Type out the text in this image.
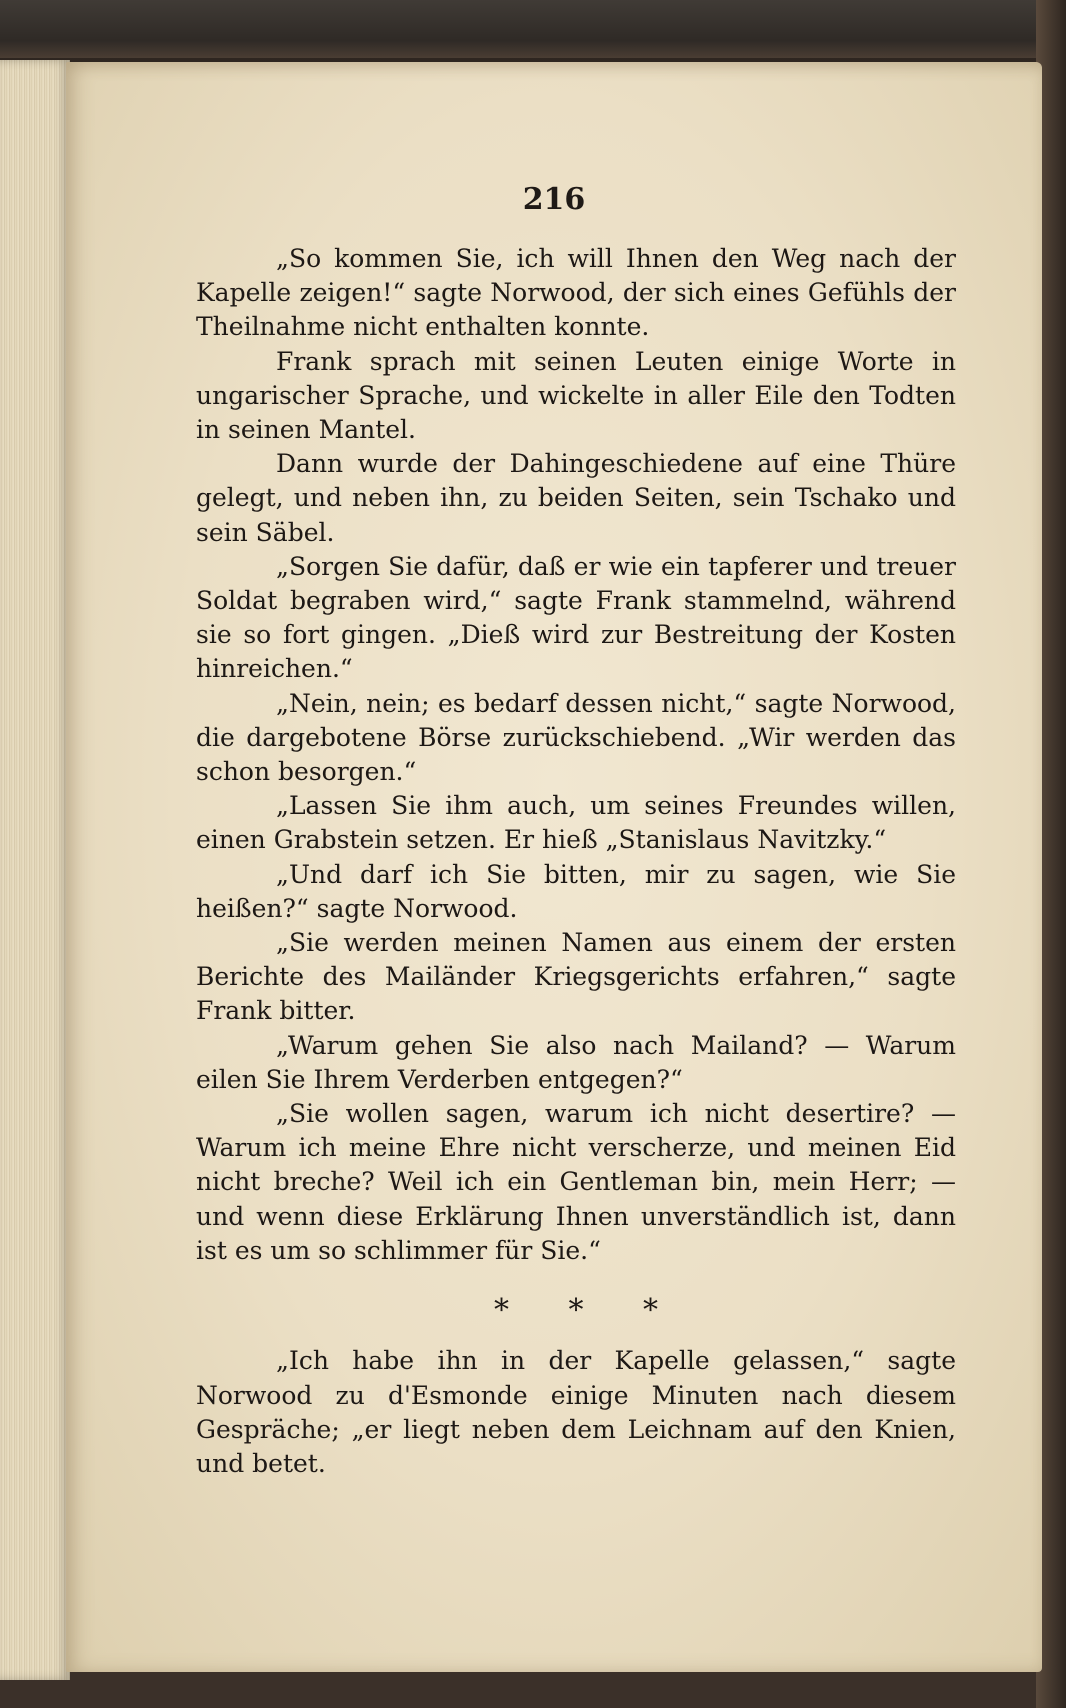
216

„So kommen Sie, ich will Ihnen den Weg nach der Kapelle zeigen!“ sagte Norwood, der sich eines Gefühls der Theilnahme nicht enthalten konnte.

Frank sprach mit seinen Leuten einige Worte in ungarischer Sprache, und wickelte in aller Eile den Todten in seinen Mantel.

Dann wurde der Dahingeschiedene auf eine Thüre gelegt, und neben ihn, zu beiden Seiten, sein Tschako und sein Säbel.

„Sorgen Sie dafür, daß er wie ein tapferer und treuer Soldat begraben wird,“ sagte Frank stammelnd, während sie so fort gingen. „Dieß wird zur Bestreitung der Kosten hinreichen.“

„Nein, nein; es bedarf dessen nicht,“ sagte Norwood, die dargebotene Börse zurückschiebend. „Wir werden das schon besorgen.“

„Lassen Sie ihm auch, um seines Freundes willen, einen Grabstein setzen. Er hieß „Stanislaus Navitzky.“

„Und darf ich Sie bitten, mir zu sagen, wie Sie heißen?“ sagte Norwood.

„Sie werden meinen Namen aus einem der ersten Berichte des Mailänder Kriegsgerichts erfahren,“ sagte Frank bitter.

„Warum gehen Sie also nach Mailand? — Warum eilen Sie Ihrem Verderben entgegen?“

„Sie wollen sagen, warum ich nicht desertire? — Warum ich meine Ehre nicht verscherze, und meinen Eid nicht breche? Weil ich ein Gentleman bin, mein Herr; — und wenn diese Erklärung Ihnen unverständlich ist, dann ist es um so schlimmer für Sie.“

* * *

„Ich habe ihn in der Kapelle gelassen,“ sagte Norwood zu d'Esmonde einige Minuten nach diesem Gespräche; „er liegt neben dem Leichnam auf den Knien, und betet.
